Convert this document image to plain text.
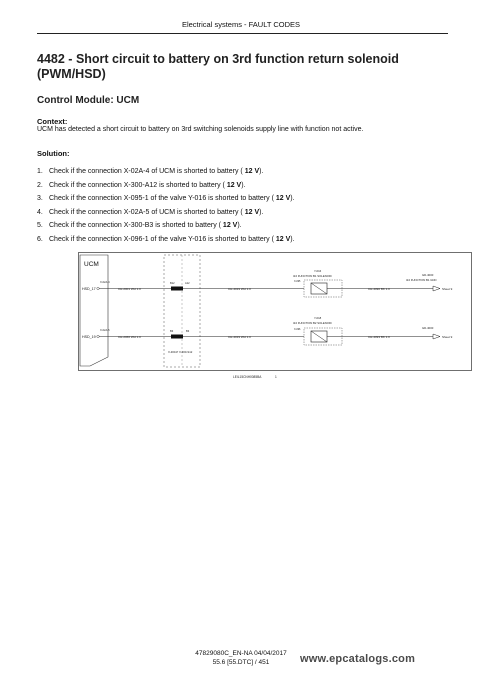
Electrical systems - FAULT CODES
4482 - Short circuit to battery on 3rd function return solenoid (PWM/HSD)
Control Module: UCM
Context:
UCM has detected a short circuit to battery on 3rd switching solenoids supply line with function not active.
Solution:
1. Check if the connection X-02A-4 of UCM is shorted to battery ( 12 V).
2. Check if the connection X-300-A12 is shorted to battery ( 12 V).
3. Check if the connection X-095-1 of the valve Y-016 is shorted to battery ( 12 V).
4. Check if the connection X-02A-5 of UCM is shorted to battery ( 12 V).
5. Check if the connection X-300-B3 is shorted to battery ( 12 V).
6. Check if the connection X-096-1 of the valve Y-016 is shorted to battery ( 12 V).
UCM
HSD_17
X-02A-4
CH-2001 WH 1.0
B12	A12
CH-4019 WH 1.0
Y-016
3rd FUNCTION B1 SOLENOID
X-095
CH-4090 BK 1.0
GD-4000
3rd FUNCTION B1 GND
Sheet 9
HSD_19
X-02A-5
CH-2066 WH 1.0
B3	B3
CH-4019 WH 1.0
Y-018
3rd FUNCTION B2 SOLENOID
X-096
CH-4093 BK 1.0
GD-4000
Sheet 9
X-300-P X-300-S12
LEIL15CNH0085BA	1
47829080C_EN-NA 04/04/2017
55.6 [55.DTC] / 451	www.epcatalogs.com
